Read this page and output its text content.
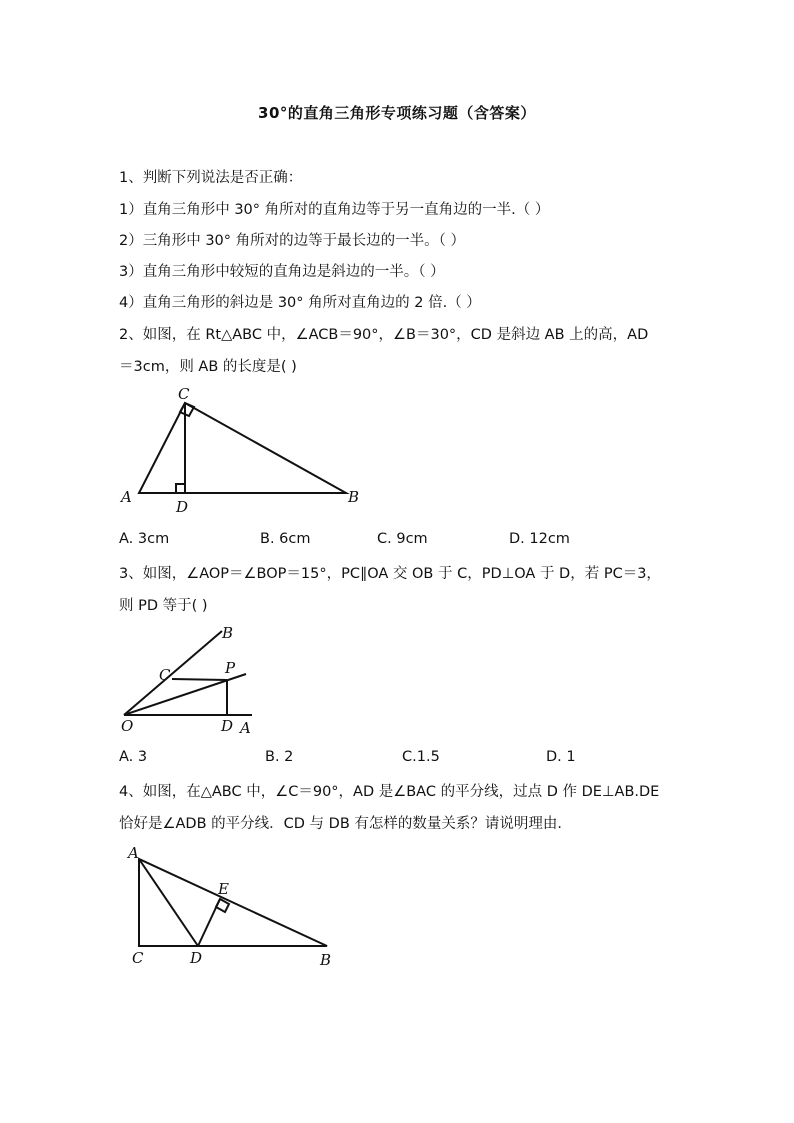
30°的直角三角形专项练习题（含答案）
1、判断下列说法是否正确：
1）直角三角形中 30° 角所对的直角边等于另一直角边的一半.（ ）
2）三角形中 30° 角所对的边等于最长边的一半。（ ）
3）直角三角形中较短的直角边是斜边的一半。（ ）
4）直角三角形的斜边是 30° 角所对直角边的 2 倍.（ ）
2、如图，在 Rt△ABC 中，∠ACB＝90°，∠B＝30°，CD 是斜边 AB 上的高，AD
＝3cm，则 AB 的长度是( )
C
A
D
B
A. 3cm	B. 6cm	C. 9cm	D. 12cm
3、如图，∠AOP＝∠BOP＝15°，PC∥OA 交 OB 于 C，PD⊥OA 于 D，若 PC＝3，
则 PD 等于( )
B
P
C
O	D A
A. 3	B. 2	C.1.5	D. 1
4、如图，在△ABC 中，∠C＝90°，AD 是∠BAC 的平分线，过点 D 作 DE⊥AB.DE
恰好是∠ADB 的平分线．CD 与 DB 有怎样的数量关系？请说明理由．
A
E
C	D	B
